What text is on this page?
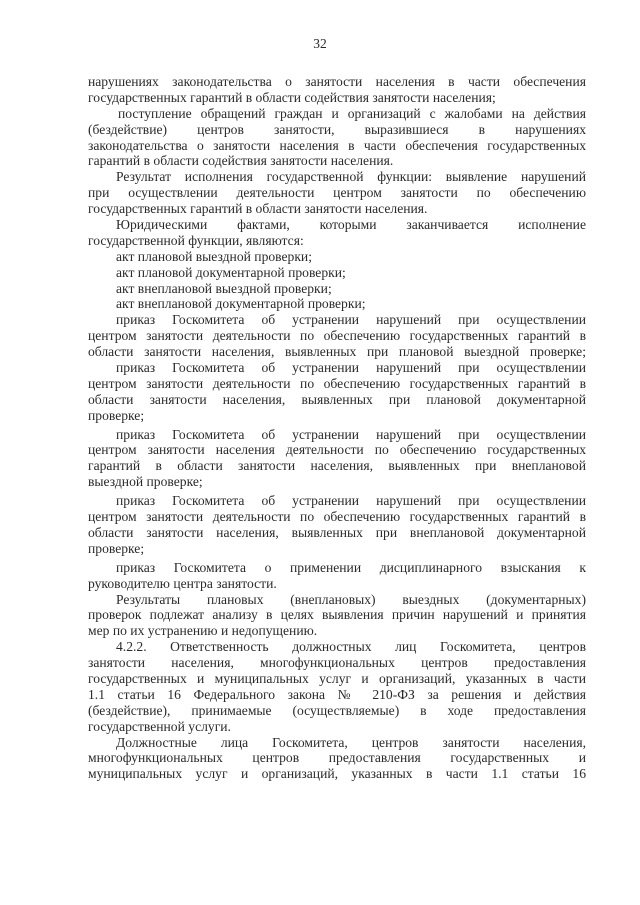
32
нарушениях законодательства о занятости населения в части обеспечения
государственных гарантий в области содействия занятости населения;
поступление обращений граждан и организаций с жалобами на действия
(бездействие) центров занятости, выразившиеся в нарушениях
законодательства о занятости населения в части обеспечения государственных
гарантий в области содействия занятости населения.
Результат исполнения государственной функции: выявление нарушений
при осуществлении деятельности центром занятости по обеспечению
государственных гарантий в области занятости населения.
Юридическими фактами, которыми заканчивается исполнение
государственной функции, являются:
акт плановой выездной проверки;
акт плановой документарной проверки;
акт внеплановой выездной проверки;
акт внеплановой документарной проверки;
приказ Госкомитета об устранении нарушений при осуществлении
центром занятости деятельности по обеспечению государственных гарантий в
области занятости населения, выявленных при плановой выездной проверке;
приказ Госкомитета об устранении нарушений при осуществлении
центром занятости деятельности по обеспечению государственных гарантий в
области занятости населения, выявленных при плановой документарной
проверке;
приказ Госкомитета об устранении нарушений при осуществлении
центром занятости населения деятельности по обеспечению государственных
гарантий в области занятости населения, выявленных при внеплановой
выездной проверке;
приказ Госкомитета об устранении нарушений при осуществлении
центром занятости деятельности по обеспечению государственных гарантий в
области занятости населения, выявленных при внеплановой документарной
проверке;
приказ Госкомитета о применении дисциплинарного взыскания к
руководителю центра занятости.
Результаты плановых (внеплановых) выездных (документарных)
проверок подлежат анализу в целях выявления причин нарушений и принятия
мер по их устранению и недопущению.
4.2.2. Ответственность должностных лиц Госкомитета, центров
занятости населения, многофункциональных центров предоставления
государственных и муниципальных услуг и организаций, указанных в части
1.1 статьи 16 Федерального закона № 210-ФЗ за решения и действия
(бездействие), принимаемые (осуществляемые) в ходе предоставления
государственной услуги.
Должностные лица Госкомитета, центров занятости населения,
многофункциональных центров предоставления государственных и
муниципальных услуг и организаций, указанных в части 1.1 статьи 16
